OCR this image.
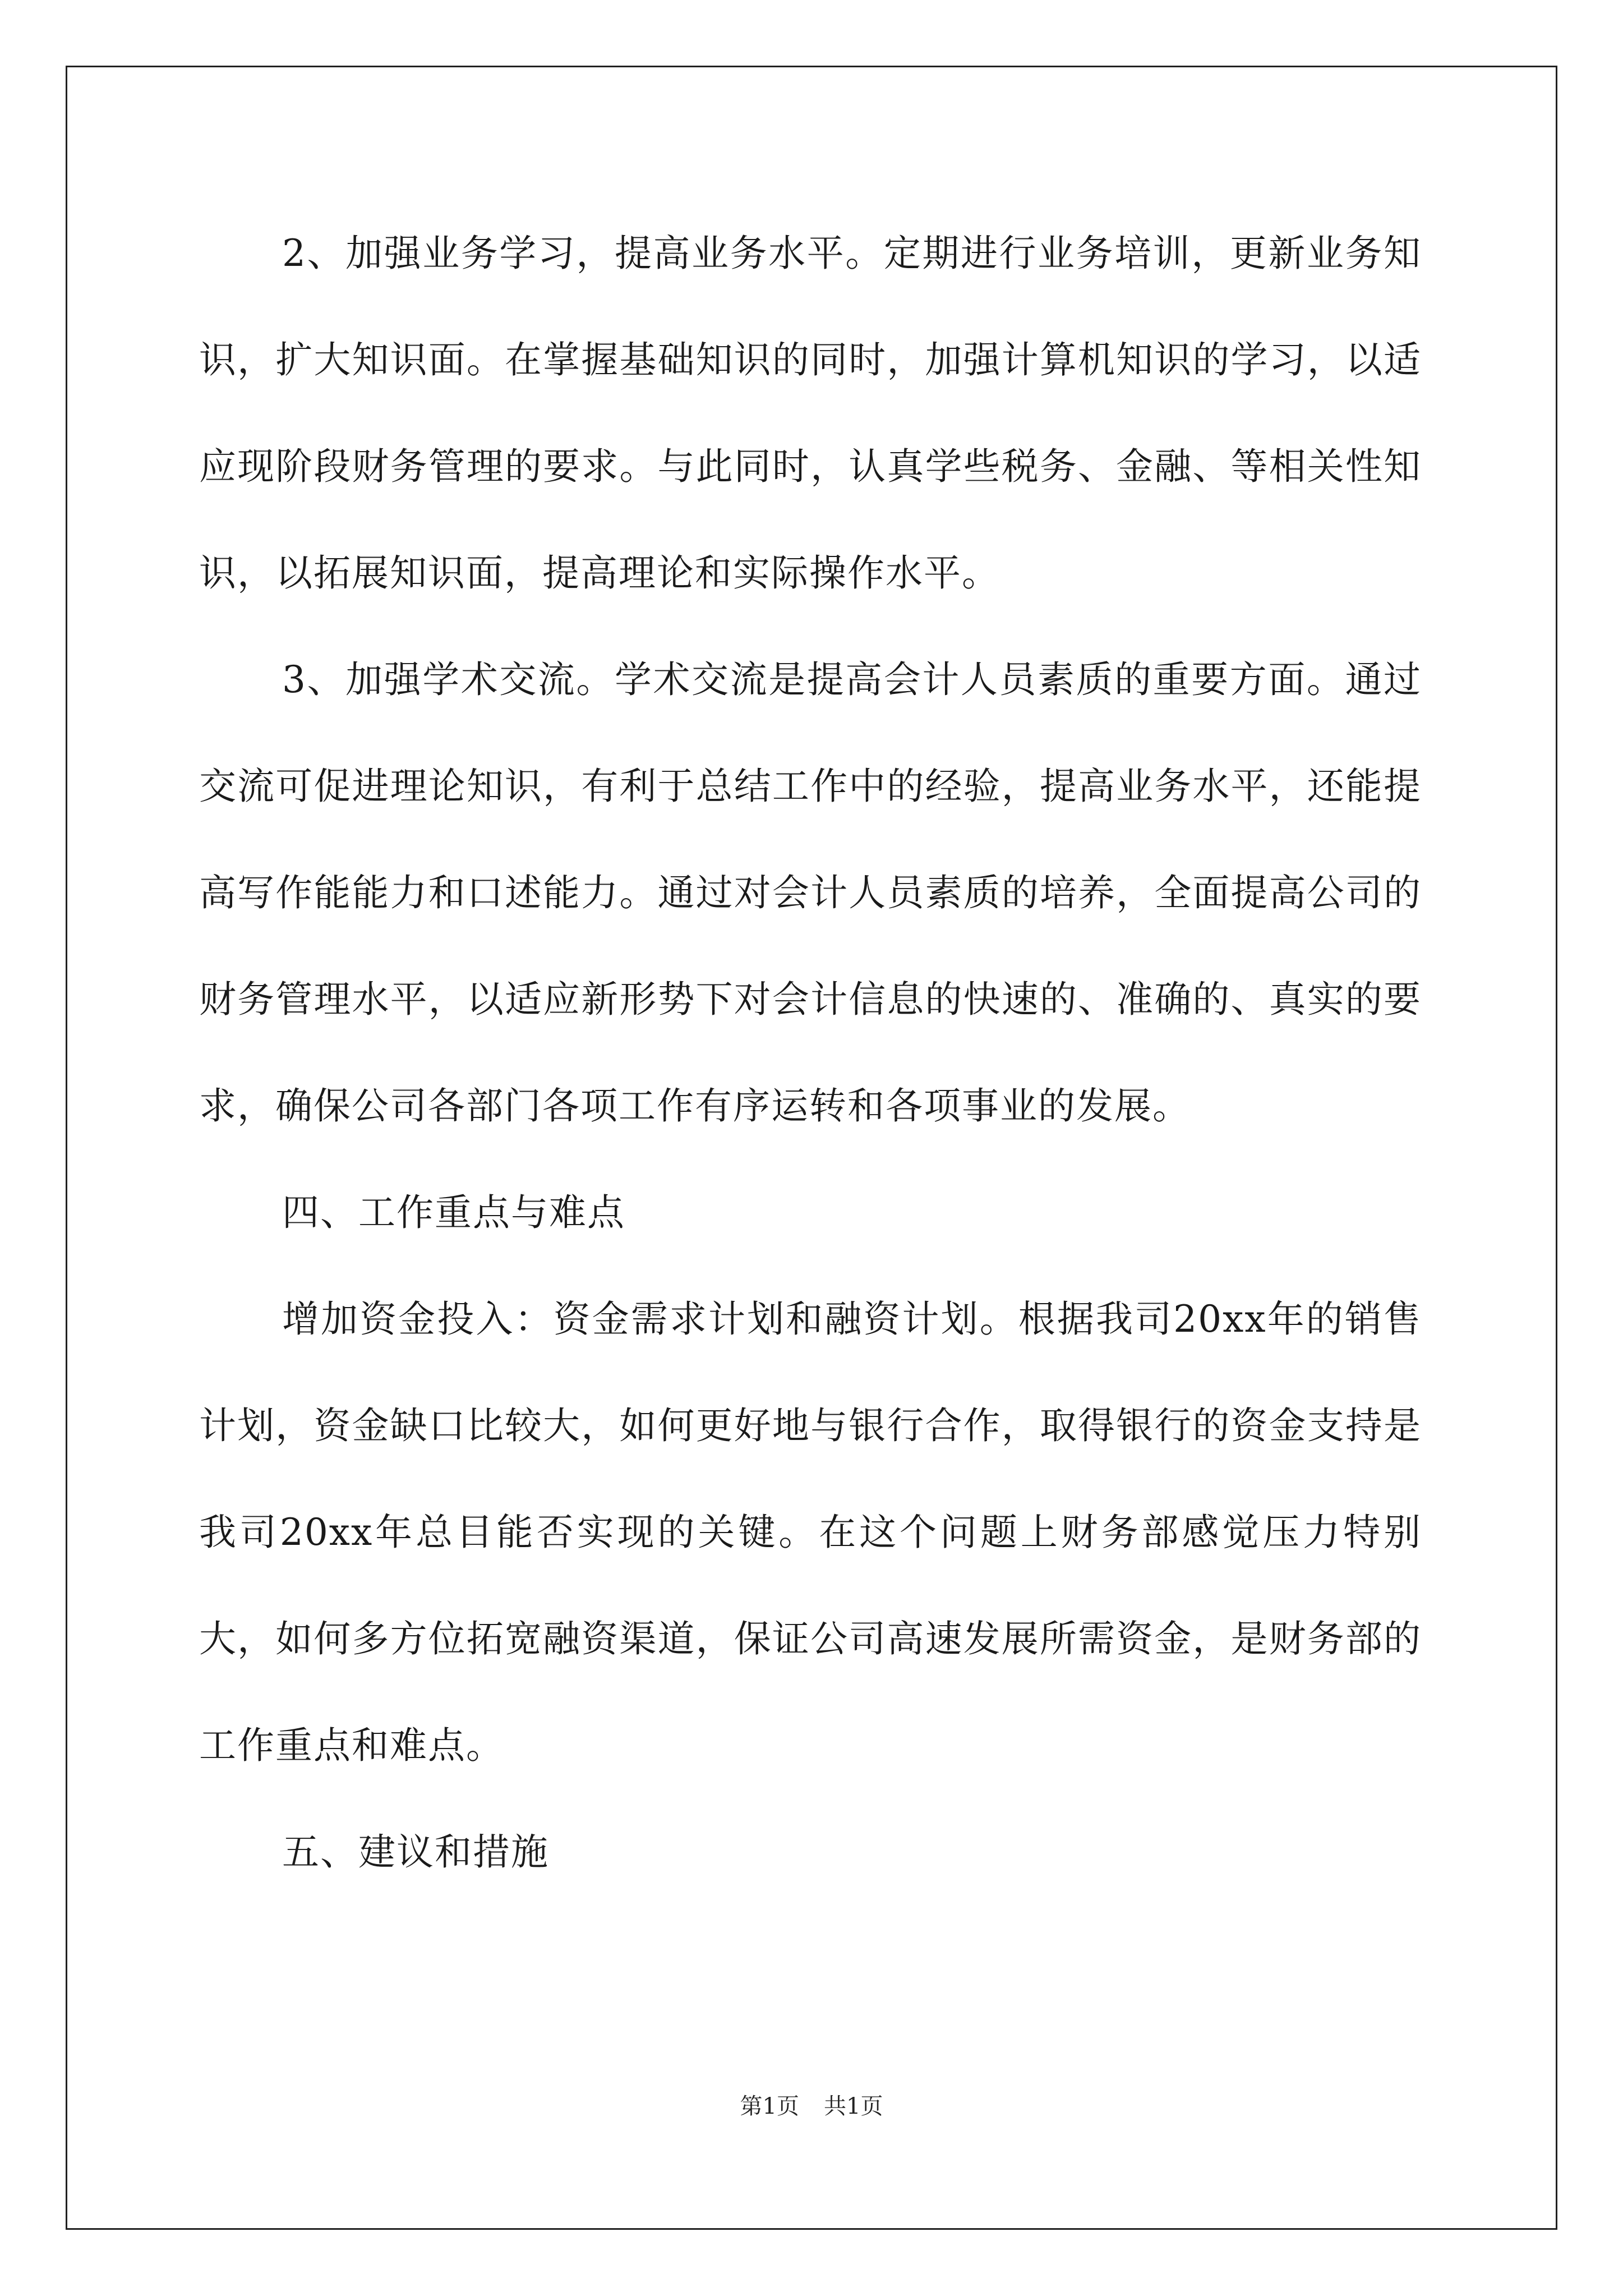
2、加强业务学习，提高业务水平。定期进行业务培训，更新业务知识，扩大知识面。在掌握基础知识的同时，加强计算机知识的学习，以适应现阶段财务管理的要求。与此同时，认真学些税务、金融、等相关性知识，以拓展知识面，提高理论和实际操作水平。

3、加强学术交流。学术交流是提高会计人员素质的重要方面。通过交流可促进理论知识，有利于总结工作中的经验，提高业务水平，还能提高写作能能力和口述能力。通过对会计人员素质的培养，全面提高公司的财务管理水平，以适应新形势下对会计信息的快速的、准确的、真实的要求，确保公司各部门各项工作有序运转和各项事业的发展。

四、工作重点与难点

增加资金投入：资金需求计划和融资计划。根据我司20xx年的销售计划，资金缺口比较大，如何更好地与银行合作，取得银行的资金支持是我司20xx年总目能否实现的关键。在这个问题上财务部感觉压力特别大，如何多方位拓宽融资渠道，保证公司高速发展所需资金，是财务部的工作重点和难点。

五、建议和措施

第1页 共1页
